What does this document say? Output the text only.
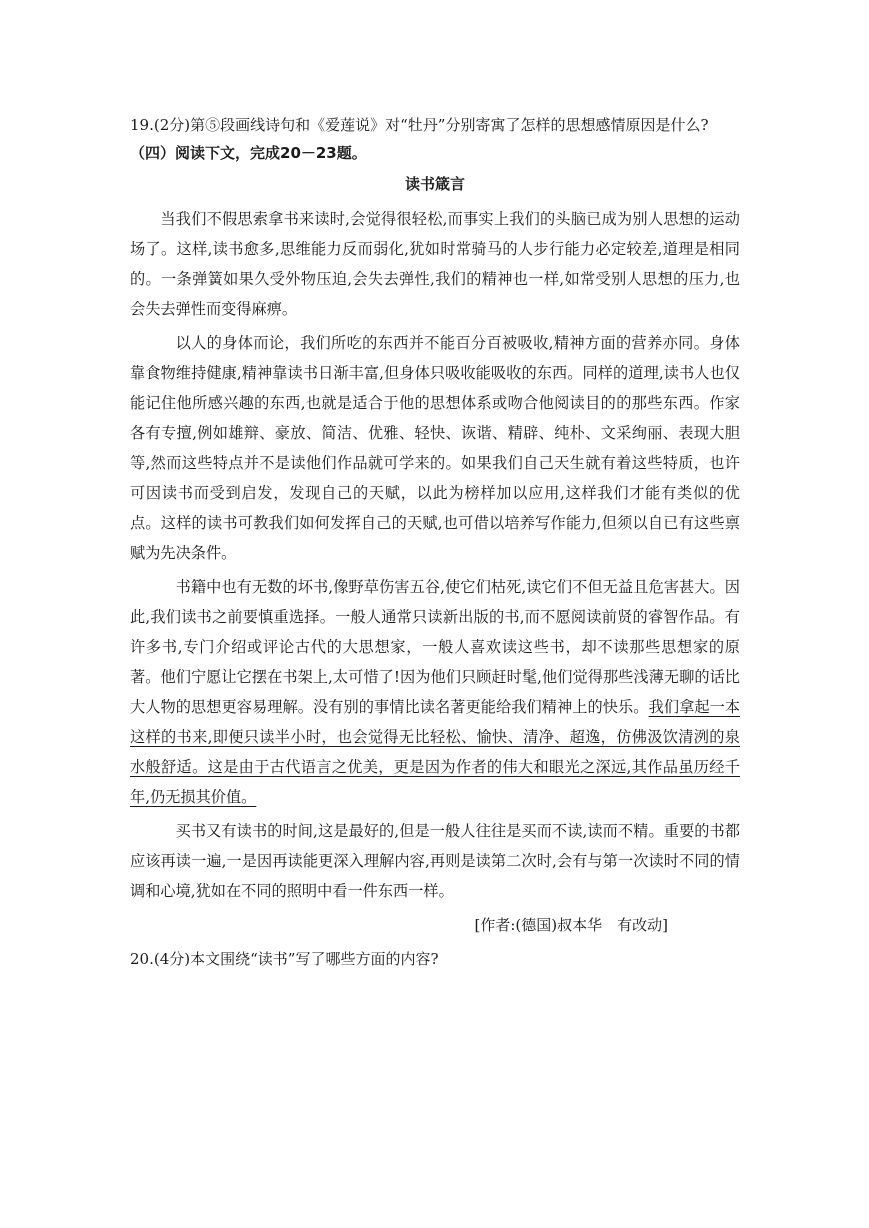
19.(2分)第⑤段画线诗句和《爱莲说》对“牡丹”分别寄寓了怎样的思想感情原因是什么?

（四）阅读下文，完成20－23题。

读书箴言

当我们不假思索拿书来读时,会觉得很轻松,而事实上我们的头脑已成为别人思想的运动场了。这样,读书愈多,思维能力反而弱化,犹如时常骑马的人步行能力必定较差,道理是相同的。一条弹簧如果久受外物压迫,会失去弹性,我们的精神也一样,如常受别人思想的压力,也会失去弹性而变得麻痹。

以人的身体而论，我们所吃的东西并不能百分百被吸收,精神方面的营养亦同。身体靠食物维持健康,精神靠读书日渐丰富,但身体只吸收能吸收的东西。同样的道理,读书人也仅能记住他所感兴趣的东西,也就是适合于他的思想体系或吻合他阅读目的的那些东西。作家各有专擅,例如雄辩、豪放、简洁、优雅、轻快、诙谐、精辟、纯朴、文采绚丽、表现大胆等,然而这些特点并不是读他们作品就可学来的。如果我们自己天生就有着这些特质，也许可因读书而受到启发，发现自己的天赋，以此为榜样加以应用,这样我们才能有类似的优点。这样的读书可教我们如何发挥自己的天赋,也可借以培养写作能力,但须以自已有这些禀赋为先决条件。

书籍中也有无数的坏书,像野草伤害五谷,使它们枯死,读它们不但无益且危害甚大。因此,我们读书之前要慎重选择。一般人通常只读新出版的书,而不愿阅读前贤的睿智作品。有许多书,专门介绍或评论古代的大思想家，一般人喜欢读这些书，却不读那些思想家的原著。他们宁愿让它摆在书架上,太可惜了!因为他们只顾赶时髦,他们觉得那些浅薄无聊的话比大人物的思想更容易理解。没有别的事情比读名著更能给我们精神上的快乐。我们拿起一本这样的书来,即便只读半小时，也会觉得无比轻松、愉快、清净、超逸，仿佛汲饮清洌的泉水般舒适。这是由于古代语言之优美，更是因为作者的伟大和眼光之深远,其作品虽历经千年,仍无损其价值。

买书又有读书的时间,这是最好的,但是一般人往往是买而不读,读而不精。重要的书都应该再读一遍,一是因再读能更深入理解内容,再则是读第二次时,会有与第一次读时不同的情调和心境,犹如在不同的照明中看一件东西一样。

[作者:(德国)叔本华　有改动]

20.(4分)本文围绕“读书”写了哪些方面的内容?
